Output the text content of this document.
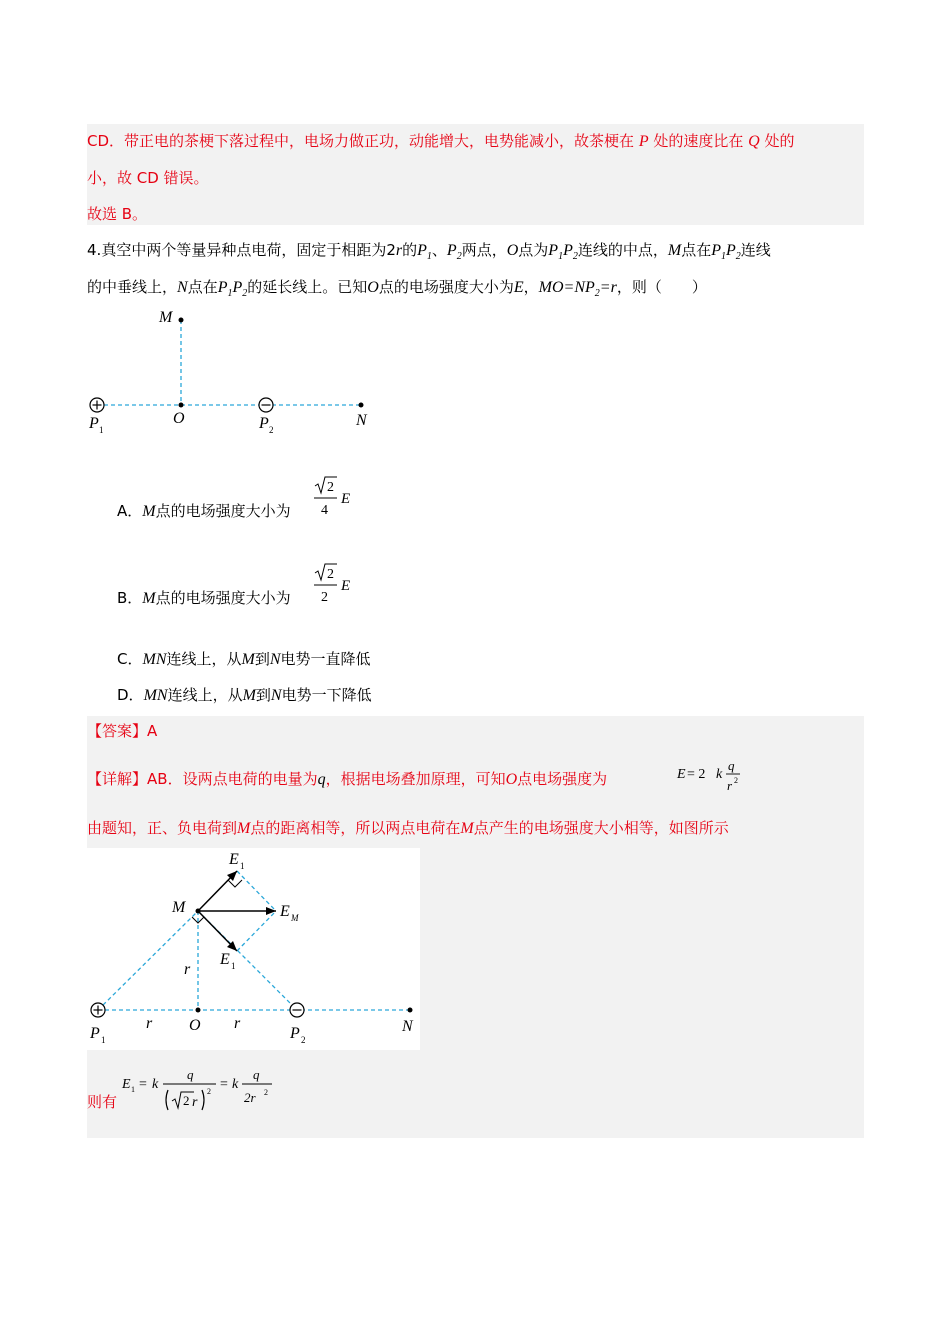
CD．带正电的茶梗下落过程中，电场力做正功，动能增大，电势能减小，故茶梗在 P 处的速度比在 Q 处的
小，故 CD 错误。
故选 B。
4.真空中两个等量异种点电荷，固定于相距为2r的$P_1$、$P_2$两点，O点为$P_1P_2$连线的中点，M点在$P_1P_2$连线
的中垂线上，N点在$P_1P_2$的延长线上。已知O点的电场强度大小为E，$MO=NP_2=r$，则（　　）
M
O	N
P 1	P 2
A．M点的电场强度大小为
2
4
E
B．M点的电场强度大小为
2
2
E
C．MN连线上，从M到N电势一直降低
D．MN连线上，从M到N电势一下降低
【答案】A
【详解】AB．设两点电荷的电量为q，根据电场叠加原理，可知O点电场强度为	E = 2 k
q
r 2
由题知，正、负电荷到M点的距离相等，所以两点电荷在M点产生的电场强度大小相等，如图所示
E 1
E M
E 1
M
r
r	r
O	N
P 1	P 2
则有
E 1 = k
q
2 r
2 = k
q
2r 2
